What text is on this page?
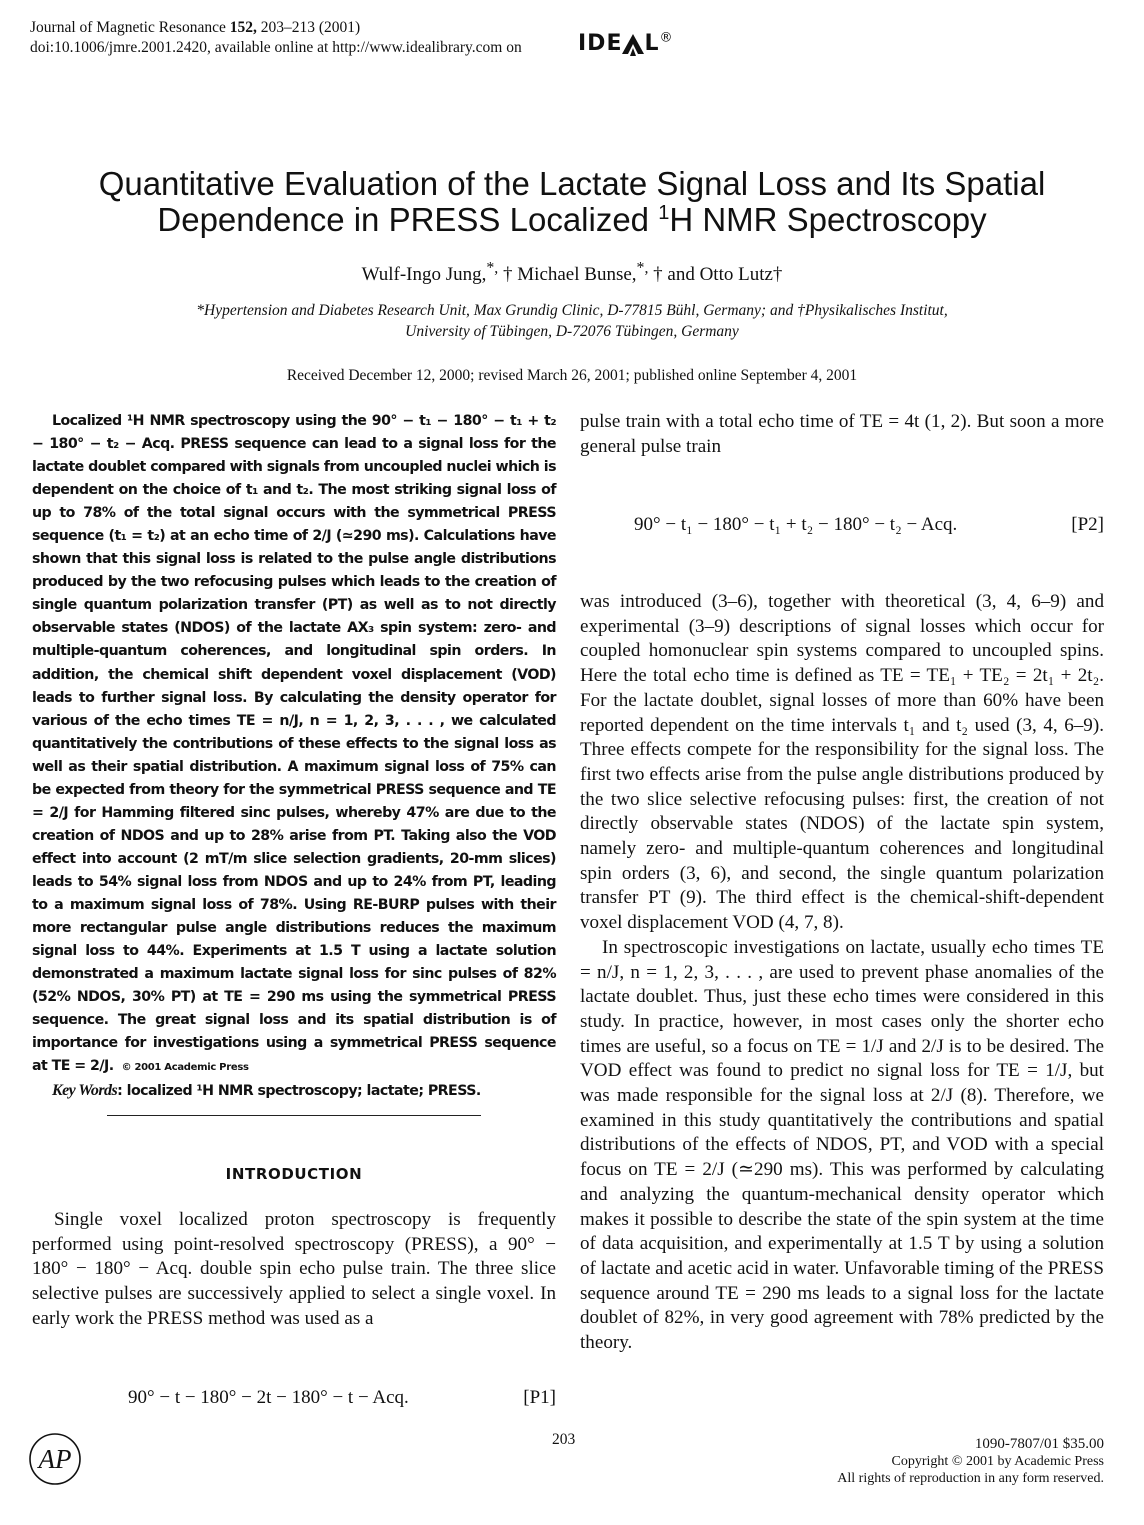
Journal of Magnetic Resonance 152, 203–213 (2001)
doi:10.1006/jmre.2001.2420, available online at http://www.idealibrary.com on	IDE L®
Quantitative Evaluation of the Lactate Signal Loss and Its Spatial
Dependence in PRESS Localized $^1$H NMR Spectroscopy
Wulf-Ingo Jung,*, † Michael Bunse,*, † and Otto Lutz†
*Hypertension and Diabetes Research Unit, Max Grundig Clinic, D-77815 Bühl, Germany; and †Physikalisches Institut,
University of Tübingen, D-72076 Tübingen, Germany
Received December 12, 2000; revised March 26, 2001; published online September 4, 2001

Localized ¹H NMR spectroscopy using the 90° − t₁ − 180° − t₁ + t₂ − 180° − t₂ − Acq. PRESS sequence can lead to a signal loss for the lactate doublet compared with signals from uncoupled nuclei which is dependent on the choice of t₁ and t₂. The most striking signal loss of up to 78% of the total signal occurs with the symmetrical PRESS sequence (t₁ = t₂) at an echo time of 2/J (≃290 ms). Calculations have shown that this signal loss is related to the pulse angle distributions produced by the two refocusing pulses which leads to the creation of single quantum polarization transfer (PT) as well as to not directly observable states (NDOS) of the lactate AX₃ spin system: zero- and multiple-quantum coherences, and longitudinal spin orders. In addition, the chemical shift dependent voxel displacement (VOD) leads to further signal loss. By calculating the density operator for various of the echo times TE = n/J, n = 1, 2, 3, . . . , we calculated quantitatively the contributions of these effects to the signal loss as well as their spatial distribution. A maximum signal loss of 75% can be expected from theory for the symmetrical PRESS sequence and TE = 2/J for Hamming filtered sinc pulses, whereby 47% are due to the creation of NDOS and up to 28% arise from PT. Taking also the VOD effect into account (2 mT/m slice selection gradients, 20-mm slices) leads to 54% signal loss from NDOS and up to 24% from PT, leading to a maximum signal loss of 78%. Using RE-BURP pulses with their more rectangular pulse angle distributions reduces the maximum signal loss to 44%. Experiments at 1.5 T using a lactate solution demonstrated a maximum lactate signal loss for sinc pulses of 82% (52% NDOS, 30% PT) at TE = 290 ms using the symmetrical PRESS sequence. The great signal loss and its spatial distribution is of importance for investigations using a symmetrical PRESS sequence at TE = 2/J. © 2001 Academic Press

Key Words: localized ¹H NMR spectroscopy; lactate; PRESS.

INTRODUCTION

Single voxel localized proton spectroscopy is frequently performed using point-resolved spectroscopy (PRESS), a 90° − 180° − 180° − Acq. double spin echo pulse train. The three slice selective pulses are successively applied to select a single voxel. In early work the PRESS method was used as a

90° − t − 180° − 2t − 180° − t − Acq.	[P1]

pulse train with a total echo time of TE = 4t (1, 2). But soon a more general pulse train

90° − t₁ − 180° − t₁ + t₂ − 180° − t₂ − Acq.	[P2]

was introduced (3–6), together with theoretical (3, 4, 6–9) and experimental (3–9) descriptions of signal losses which occur for coupled homonuclear spin systems compared to uncoupled spins. Here the total echo time is defined as TE = TE₁ + TE₂ = 2t₁ + 2t₂. For the lactate doublet, signal losses of more than 60% have been reported dependent on the time intervals t₁ and t₂ used (3, 4, 6–9). Three effects compete for the responsibility for the signal loss. The first two effects arise from the pulse angle distributions produced by the two slice selective refocusing pulses: first, the creation of not directly observable states (NDOS) of the lactate spin system, namely zero- and multiple-quantum coherences and longitudinal spin orders (3, 6), and second, the single quantum polarization transfer PT (9). The third effect is the chemical-shift-dependent voxel displacement VOD (4, 7, 8).

In spectroscopic investigations on lactate, usually echo times TE = n/J, n = 1, 2, 3, . . . , are used to prevent phase anomalies of the lactate doublet. Thus, just these echo times were considered in this study. In practice, however, in most cases only the shorter echo times are useful, so a focus on TE = 1/J and 2/J is to be desired. The VOD effect was found to predict no signal loss for TE = 1/J, but was made responsible for the signal loss at 2/J (8). Therefore, we examined in this study quantitatively the contributions and spatial distributions of the effects of NDOS, PT, and VOD with a special focus on TE = 2/J (≃290 ms). This was performed by calculating and analyzing the quantum-mechanical density operator which makes it possible to describe the state of the spin system at the time of data acquisition, and experimentally at 1.5 T by using a solution of lactate and acetic acid in water. Unfavorable timing of the PRESS sequence around TE = 290 ms leads to a signal loss for the lactate doublet of 82%, in very good agreement with 78% predicted by the theory.

AP
203	1090-7807/01 $35.00
Copyright © 2001 by Academic Press
All rights of reproduction in any form reserved.
